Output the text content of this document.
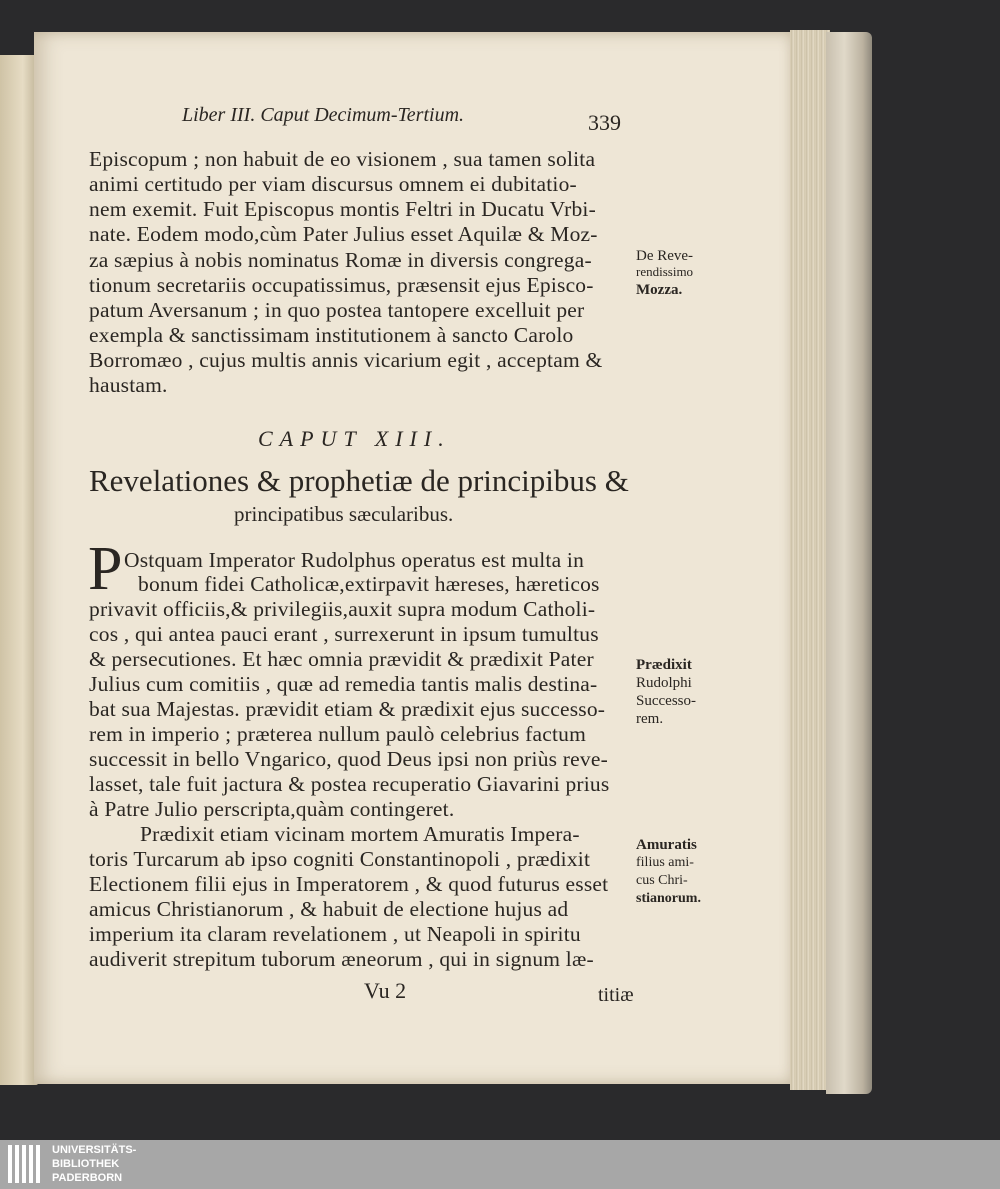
Liber III. Caput Decimum-Tertium.	339
Episcopum ; non habuit de eo visionem , sua tamen solita
animi certitudo per viam discursus omnem ei dubitatio-
nem exemit. Fuit Episcopus montis Feltri in Ducatu Vrbi-
nate. Eodem modo,cùm Pater Julius esset Aquilæ & Moz-
za sæpius à nobis nominatus Romæ in diversis congrega-
tionum secretariis occupatissimus, præsensit ejus Episco-
patum Aversanum ; in quo postea tantopere excelluit per
exempla & sanctissimam institutionem à sancto Carolo
Borromæo , cujus multis annis vicarium egit , acceptam &
haustam.
CAPUT XIII.
Revelationes & prophetiæ de principibus &
principatibus sæcularibus.
P Ostquam Imperator Rudolphus operatus est multa in
bonum fidei Catholicæ,extirpavit hæreses, hæreticos
privavit officiis,& privilegiis,auxit supra modum Catholi-
cos , qui antea pauci erant , surrexerunt in ipsum tumultus
& persecutiones. Et hæc omnia prævidit & prædixit Pater
Julius cum comitiis , quæ ad remedia tantis malis destina-
bat sua Majestas. prævidit etiam & prædixit ejus successo-
rem in imperio ; præterea nullum paulò celebrius factum
successit in bello Vngarico, quod Deus ipsi non priùs reve-
lasset, tale fuit jactura & postea recuperatio Giavarini prius
à Patre Julio perscripta,quàm contingeret.
Prædixit etiam vicinam mortem Amuratis Impera-
toris Turcarum ab ipso cogniti Constantinopoli , prædixit
Electionem filii ejus in Imperatorem , & quod futurus esset
amicus Christianorum , & habuit de electione hujus ad
imperium ita claram revelationem , ut Neapoli in spiritu
audiverit strepitum tuborum æneorum , qui in signum læ-
Vu 2	titiæ
De Reve-
rendissimo
Mozza.
Prædixit
Rudolphi
Successo-
rem.
Amuratis
filius ami-
cus Chri-
stianorum.
UNIVERSITÄTS-
BIBLIOTHEK
PADERBORN
